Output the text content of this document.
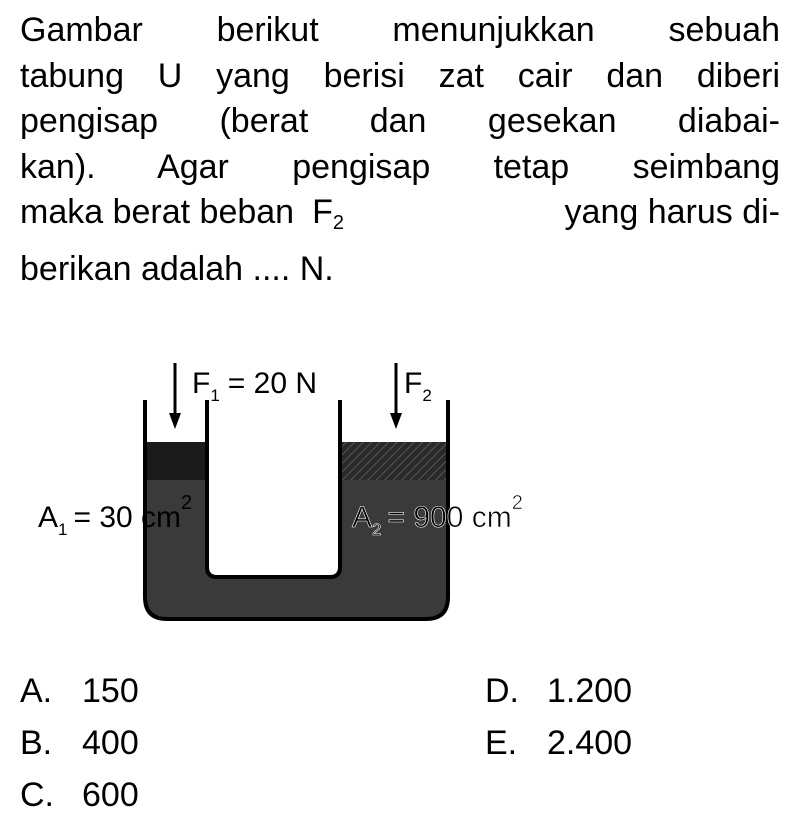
Gambar berikut menunjukkan sebuah
tabung U yang berisi zat cair dan diberi
pengisap (berat dan gesekan diabai-
kan). Agar pengisap tetap seimbang
maka berat beban $F_2$	yang harus di-
berikan adalah .... N.
$F_1 = 20$ N	$F_2$
$A_1 = 30$ $cm^2$	$A_2 = 900$ $cm^2$
A. 150
B. 400
C. 600
D. 1.200
E. 2.400
